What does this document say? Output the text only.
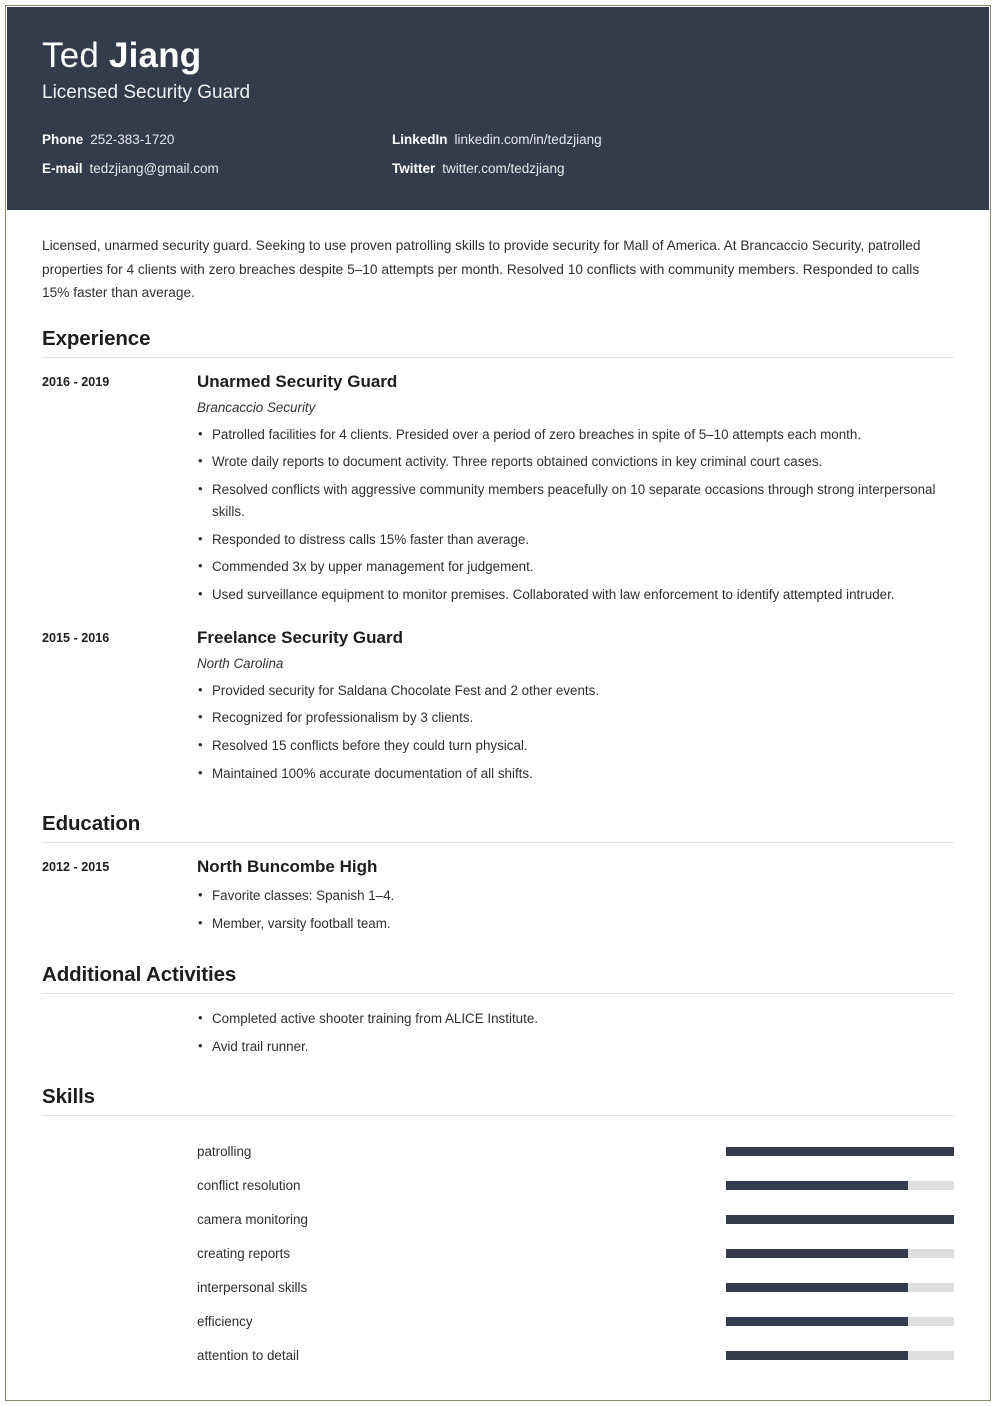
Ted Jiang
Licensed Security Guard
Phone 252-383-1720	LinkedIn linkedin.com/in/tedzjiang
E-mail tedzjiang@gmail.com	Twitter twitter.com/tedzjiang

Licensed, unarmed security guard. Seeking to use proven patrolling skills to provide security for Mall of America. At Brancaccio Security, patrolled properties for 4 clients with zero breaches despite 5–10 attempts per month. Resolved 10 conflicts with community members. Responded to calls 15% faster than average.

Experience
2016 - 2019	Unarmed Security Guard
Brancaccio Security
• Patrolled facilities for 4 clients. Presided over a period of zero breaches in spite of 5–10 attempts each month.
• Wrote daily reports to document activity. Three reports obtained convictions in key criminal court cases.
• Resolved conflicts with aggressive community members peacefully on 10 separate occasions through strong interpersonal skills.
• Responded to distress calls 15% faster than average.
• Commended 3x by upper management for judgement.
• Used surveillance equipment to monitor premises. Collaborated with law enforcement to identify attempted intruder.
2015 - 2016	Freelance Security Guard
North Carolina
• Provided security for Saldana Chocolate Fest and 2 other events.
• Recognized for professionalism by 3 clients.
• Resolved 15 conflicts before they could turn physical.
• Maintained 100% accurate documentation of all shifts.
Education
2012 - 2015	North Buncombe High
• Favorite classes: Spanish 1–4.
• Member, varsity football team.
Additional Activities
• Completed active shooter training from ALICE Institute.
• Avid trail runner.
Skills
patrolling
conflict resolution
camera monitoring
creating reports
interpersonal skills
efficiency
attention to detail
